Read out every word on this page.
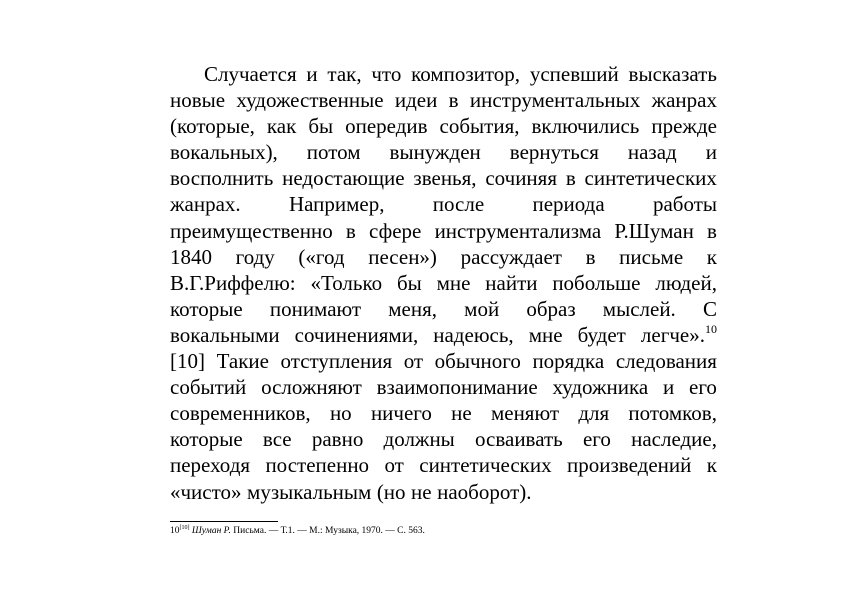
Случается и так, что композитор, успевший высказать
новые художественные идеи в инструментальных жанрах
(которые, как бы опередив события, включились прежде
вокальных), потом вынужден вернуться назад и
восполнить недостающие звенья, сочиняя в синтетических
жанрах. Например, после периода работы
преимущественно в сфере инструментализма Р.Шуман в
1840 году («год песен») рассуждает в письме к
В.Г.Риффелю: «Только бы мне найти побольше людей,
которые понимают меня, мой образ мыслей. С
вокальными сочинениями, надеюсь, мне будет легче».$^{10}$
[10] Такие отступления от обычного порядка следования
событий осложняют взаимопонимание художника и его
современников, но ничего не меняют для потомков,
которые все равно должны осваивать его наследие,
переходя постепенно от синтетических произведений к
«чисто» музыкальным (но не наоборот).
10[10] Шуман Р. Письма. — Т.1. — М.: Музыка, 1970. — С. 563.
